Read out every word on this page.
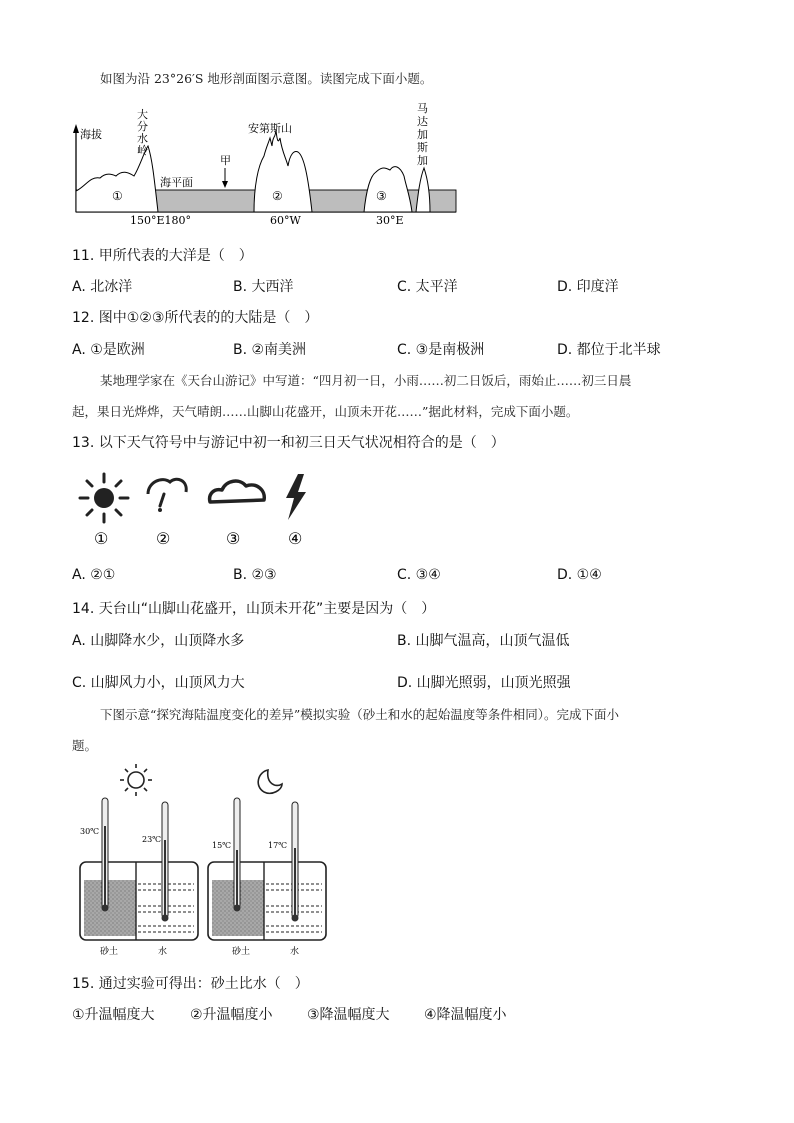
如图为沿 23°26′S 地形剖面图示意图。读图完成下面小题。
海拔
①	②	③
海平面
甲
大
分
水
岭
安第斯山
马
达
加
斯
加
150°E180°	60°W	30°E
11. 甲所代表的大洋是（　）
A. 北冰洋	B. 大西洋	C. 太平洋	D. 印度洋
12. 图中①②③所代表的的大陆是（　）
A. ①是欧洲	B. ②南美洲	C. ③是南极洲	D. 都位于北半球
某地理学家在《天台山游记》中写道：“四月初一日，小雨……初二日饭后，雨始止……初三日晨
起，果日光烨烨，天气晴朗……山脚山花盛开，山顶未开花……”据此材料，完成下面小题。
13. 以下天气符号中与游记中初一和初三日天气状况相符合的是（　）
①	②	③	④
A. ②①	B. ②③	C. ③④	D. ①④
14. 天台山“山脚山花盛开，山顶未开花”主要是因为（　）
A. 山脚降水少，山顶降水多	B. 山脚气温高，山顶气温低
C. 山脚风力小，山顶风力大	D. 山脚光照弱，山顶光照强
下图示意“探究海陆温度变化的差异”模拟实验（砂土和水的起始温度等条件相同）。完成下面小
题。
30℃
23℃
砂土	水
15℃	17℃
砂土	水
15. 通过实验可得出：砂土比水（　）
①升温幅度大	②升温幅度小 ③降温幅度大 ④降温幅度小
